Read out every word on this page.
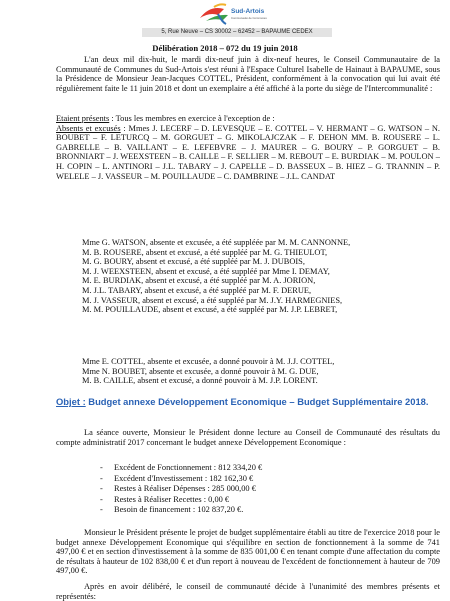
Sud-Artois
Communauté de Communes
5, Rue Neuve – CS 30002 – 62452 – BAPAUME CEDEX

Délibération 2018 – 072 du 19 juin 2018

L'an deux mil dix-huit, le mardi dix-neuf juin à dix-neuf heures, le Conseil Communautaire de la Communauté de Communes du Sud-Artois s'est réuni à l'Espace Culturel Isabelle de Hainaut à BAPAUME, sous la Présidence de Monsieur Jean-Jacques COTTEL, Président, conformément à la convocation qui lui avait été régulièrement faite le 11 juin 2018 et dont un exemplaire a été affiché à la porte du siège de l'Intercommunalité :

Etaient présents : Tous les membres en exercice à l'exception de :
Absents et excusés : Mmes J. LECERF – D. LEVESQUE – E. COTTEL – V. HERMANT – G. WATSON – N. BOUBET – F. LETURCQ – M. GORGUET – G. MIKOLAJCZAK – F. DEHON MM. B. ROUSERE – L. GABRELLE – B. VAILLANT – E. LEFEBVRE – J. MAURER – G. BOURY – P. GORGUET – B. BRONNIART – J. WEEXSTEEN – B. CAILLE – F. SELLIER – M. REBOUT – E. BURDIAK – M. POULON – H. COPIN – L. ANTINORI – J.L. TABARY – J. CAPELLE – D. BASSEUX – B. HIEZ – G. TRANNIN – P. WELELE – J. VASSEUR – M. POUILLAUDE – C. DAMBRINE – J.L. CANDAT

Mme G. WATSON, absente et excusée, a été suppléée par M. M. CANNONNE,
M. B. ROUSERE, absent et excusé, a été suppléé par M. G. THIEULOT,
M. G. BOURY, absent et excusé, a été suppléé par M. J. DUBOIS,
M. J. WEEXSTEEN, absent et excusé, a été suppléé par Mme I. DEMAY,
M. E. BURDIAK, absent et excusé, a été suppléé par M. A. JORION,
M. J.L. TABARY, absent et excusé, a été suppléé par M. F. DERUE,
M. J. VASSEUR, absent et excusé, a été suppléé par M. J.Y. HARMEGNIES,
M. M. POUILLAUDE, absent et excusé, a été suppléé par M. J.P. LEBRET,
Mme E. COTTEL, absente et excusée, a donné pouvoir à M. J.J. COTTEL,
Mme N. BOUBET, absente et excusée, a donné pouvoir à M. G. DUE,
M. B. CAILLE, absent et excusé, a donné pouvoir à M. J.P. LORENT.
Objet : Budget annexe Développement Economique – Budget Supplémentaire 2018.

La séance ouverte, Monsieur le Président donne lecture au Conseil de Communauté des résultats du compte administratif 2017 concernant le budget annexe Développement Economique :

-	Excédent de Fonctionnement : 812 334,20 €
-	Excédent d'Investissement : 182 162,30 €
-	Restes à Réaliser Dépenses : 285 000,00 €
-	Restes à Réaliser Recettes : 0,00 €
-	Besoin de financement : 102 837,20 €.

Monsieur le Président présente le projet de budget supplémentaire établi au titre de l'exercice 2018 pour le budget annexe Développement Economique qui s'équilibre en section de fonctionnement à la somme de 741 497,00 € et en section d'investissement à la somme de 835 001,00 € en tenant compte d'une affectation du compte de résultats à hauteur de 102 838,00 € et d'un report à nouveau de l'excédent de fonctionnement à hauteur de 709 497,00 €.

Après en avoir délibéré, le conseil de communauté décide à l'unanimité des membres présents et représentés:
